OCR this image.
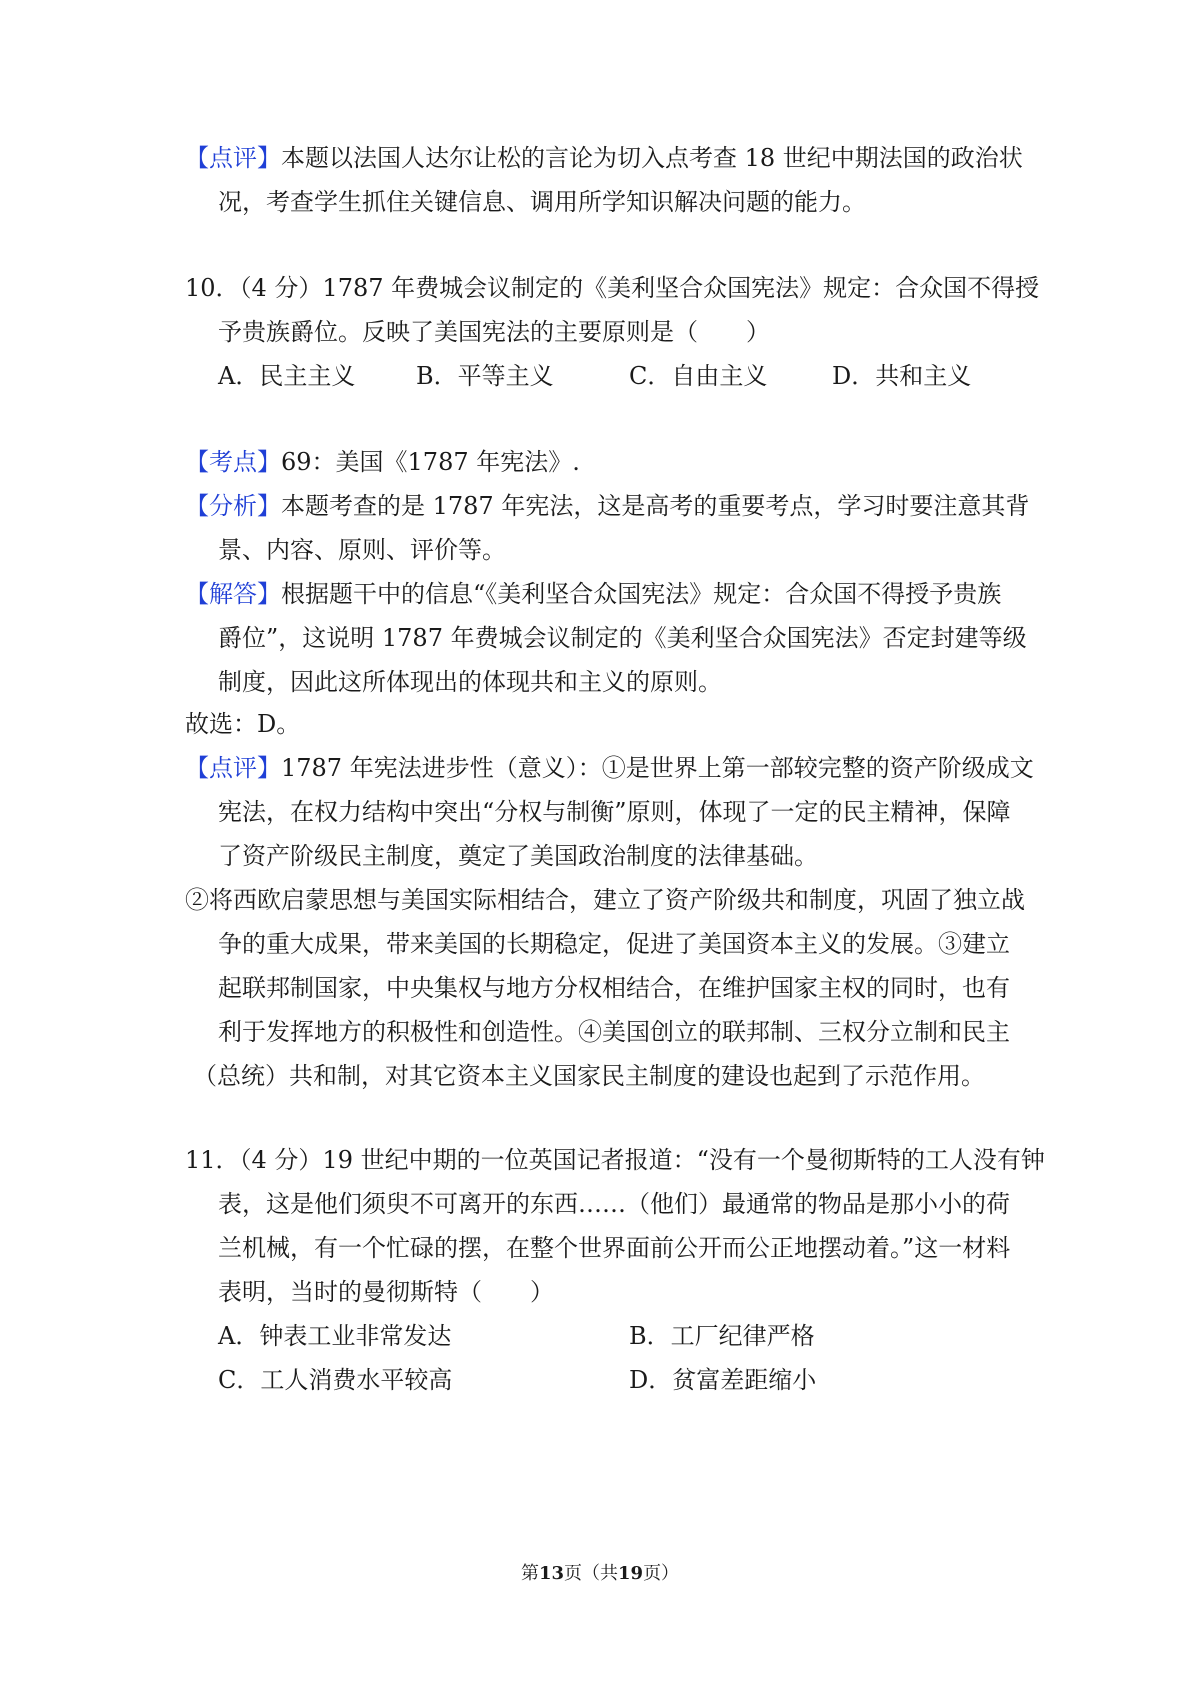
【点评】本题以法国人达尔让松的言论为切入点考查 18 世纪中期法国的政治状
况，考查学生抓住关键信息、调用所学知识解决问题的能力。
10．（4 分）1787 年费城会议制定的《美利坚合众国宪法》规定：合众国不得授
予贵族爵位。反映了美国宪法的主要原则是（　　）
A．民主主义	B．平等主义	C．自由主义	D．共和主义
【考点】69：美国《1787 年宪法》.
【分析】本题考查的是 1787 年宪法，这是高考的重要考点，学习时要注意其背
景、内容、原则、评价等。
【解答】根据题干中的信息“《美利坚合众国宪法》规定：合众国不得授予贵族
爵位”，这说明 1787 年费城会议制定的《美利坚合众国宪法》否定封建等级
制度，因此这所体现出的体现共和主义的原则。
故选：D。
【点评】1787 年宪法进步性（意义）：①是世界上第一部较完整的资产阶级成文
宪法，在权力结构中突出“分权与制衡”原则，体现了一定的民主精神，保障
了资产阶级民主制度，奠定了美国政治制度的法律基础。
②将西欧启蒙思想与美国实际相结合，建立了资产阶级共和制度，巩固了独立战
争的重大成果，带来美国的长期稳定，促进了美国资本主义的发展。③建立
起联邦制国家，中央集权与地方分权相结合，在维护国家主权的同时，也有
利于发挥地方的积极性和创造性。④美国创立的联邦制、三权分立制和民主
（总统）共和制，对其它资本主义国家民主制度的建设也起到了示范作用。
11．（4 分）19 世纪中期的一位英国记者报道：“没有一个曼彻斯特的工人没有钟
表，这是他们须臾不可离开的东西……（他们）最通常的物品是那小小的荷
兰机械，有一个忙碌的摆，在整个世界面前公开而公正地摆动着。”这一材料
表明，当时的曼彻斯特（　　）
A．钟表工业非常发达	B．工厂纪律严格
C．工人消费水平较高	D．贫富差距缩小
第13页（共19页）
